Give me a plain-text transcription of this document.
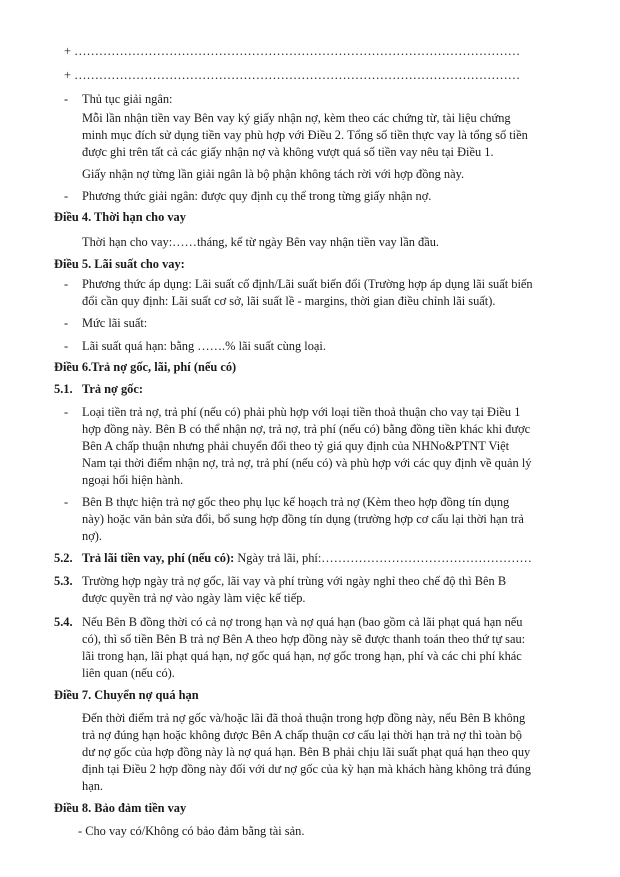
+ ………………………………………………………………………………………………
+ ………………………………………………………………………………………………
- Thủ tục giải ngân:
Mỗi lần nhận tiền vay Bên vay ký giấy nhận nợ, kèm theo các chứng từ, tài liệu chứng
minh mục đích sử dụng tiền vay phù hợp với Điều 2. Tổng số tiền thực vay là tổng số tiền
được ghi trên tất cả các giấy nhận nợ và không vượt quá số tiền vay nêu tại Điều 1.
Giấy nhận nợ từng lần giải ngân là bộ phận không tách rời với hợp đồng này.
- Phương thức giải ngân: được quy định cụ thể trong từng giấy nhận nợ.
Điều 4. Thời hạn cho vay
Thời hạn cho vay:……tháng, kể từ ngày Bên vay nhận tiền vay lần đầu.
Điều 5. Lãi suất cho vay:
- Phương thức áp dụng: Lãi suất cố định/Lãi suất biến đổi (Trường hợp áp dụng lãi suất biến
đổi cần quy định: Lãi suất cơ sở, lãi suất lề - margins, thời gian điều chỉnh lãi suất).
- Mức lãi suất:
- Lãi suất quá hạn: bằng …….% lãi suất cùng loại.
Điều 6.Trả nợ gốc, lãi, phí (nếu có)
5.1. Trả nợ gốc:
- Loại tiền trả nợ, trả phí (nếu có) phải phù hợp với loại tiền thoả thuận cho vay tại Điều 1
hợp đồng này. Bên B có thể nhận nợ, trả nợ, trả phí (nếu có) bằng đồng tiền khác khi được
Bên A chấp thuận nhưng phải chuyển đổi theo tỷ giá quy định của NHNo&PTNT Việt
Nam tại thời điểm nhận nợ, trả nợ, trả phí (nếu có) và phù hợp với các quy định về quản lý
ngoại hối hiện hành.
- Bên B thực hiện trả nợ gốc theo phụ lục kế hoạch trả nợ (Kèm theo hợp đồng tín dụng
này) hoặc văn bản sửa đổi, bổ sung hợp đồng tín dụng (trường hợp cơ cấu lại thời hạn trả
nợ).
5.2. Trả lãi tiền vay, phí (nếu có): Ngày trả lãi, phí:……………………………………………
5.3. Trường hợp ngày trả nợ gốc, lãi vay và phí trùng với ngày nghỉ theo chế độ thì Bên B
được quyền trả nợ vào ngày làm việc kế tiếp.
5.4. Nếu Bên B đồng thời có cả nợ trong hạn và nợ quá hạn (bao gồm cả lãi phạt quá hạn nếu
có), thì số tiền Bên B trả nợ Bên A theo hợp đồng này sẽ được thanh toán theo thứ tự sau:
lãi trong hạn, lãi phạt quá hạn, nợ gốc quá hạn, nợ gốc trong hạn, phí và các chi phí khác
liên quan (nếu có).
Điều 7. Chuyển nợ quá hạn
Đến thời điểm trả nợ gốc và/hoặc lãi đã thoả thuận trong hợp đồng này, nếu Bên B không
trả nợ đúng hạn hoặc không được Bên A chấp thuận cơ cấu lại thời hạn trả nợ thì toàn bộ
dư nợ gốc của hợp đồng này là nợ quá hạn. Bên B phải chịu lãi suất phạt quá hạn theo quy
định tại Điều 2 hợp đồng này đối với dư nợ gốc của kỳ hạn mà khách hàng không trả đúng
hạn.
Điều 8. Bảo đảm tiền vay
- Cho vay có/Không có bảo đảm bằng tài sản.
